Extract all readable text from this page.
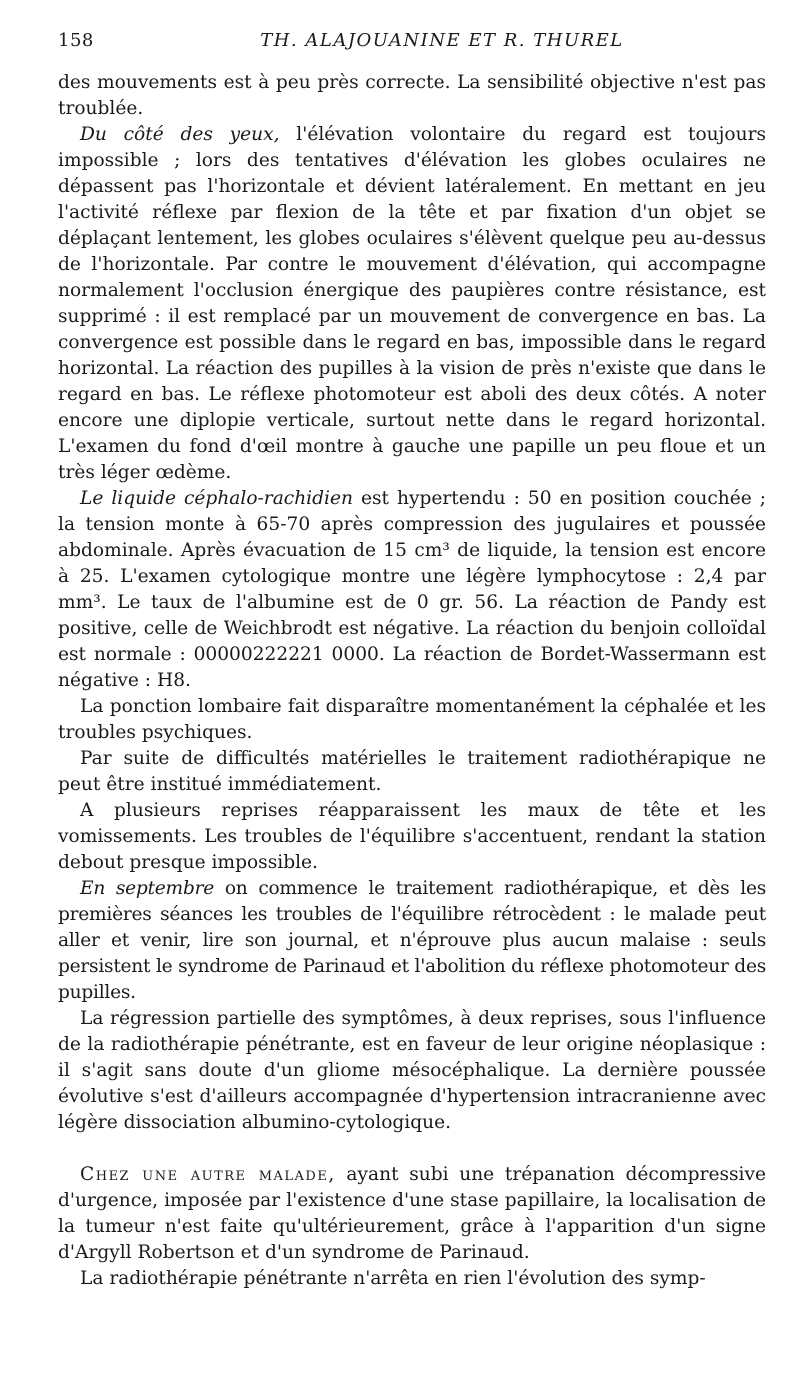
158	TH. ALAJOUANINE ET R. THUREL

des mouvements est à peu près correcte. La sensibilité objective n'est pas troublée.

Du côté des yeux, l'élévation volontaire du regard est toujours impossible ; lors des tentatives d'élévation les globes oculaires ne dépassent pas l'horizontale et dévient latéralement. En mettant en jeu l'activité réflexe par flexion de la tête et par fixation d'un objet se déplaçant lentement, les globes oculaires s'élèvent quelque peu au-dessus de l'horizontale. Par contre le mouvement d'élévation, qui accompagne normalement l'occlusion énergique des paupières contre résistance, est supprimé : il est remplacé par un mouvement de convergence en bas. La convergence est possible dans le regard en bas, impossible dans le regard horizontal. La réaction des pupilles à la vision de près n'existe que dans le regard en bas. Le réflexe photomoteur est aboli des deux côtés. A noter encore une diplopie verticale, surtout nette dans le regard horizontal. L'examen du fond d'œil montre à gauche une papille un peu floue et un très léger œdème.

Le liquide céphalo-rachidien est hypertendu : 50 en position couchée ; la tension monte à 65-70 après compression des jugulaires et poussée abdominale. Après évacuation de 15 cm³ de liquide, la tension est encore à 25. L'examen cytologique montre une légère lymphocytose : 2,4 par mm³. Le taux de l'albumine est de 0 gr. 56. La réaction de Pandy est positive, celle de Weichbrodt est négative. La réaction du benjoin colloïdal est normale : 00000222221 0000. La réaction de Bordet-Wassermann est négative : H8.

La ponction lombaire fait disparaître momentanément la céphalée et les troubles psychiques.

Par suite de difficultés matérielles le traitement radiothérapique ne peut être institué immédiatement.

A plusieurs reprises réapparaissent les maux de tête et les vomissements. Les troubles de l'équilibre s'accentuent, rendant la station debout presque impossible.

En septembre on commence le traitement radiothérapique, et dès les premières séances les troubles de l'équilibre rétrocèdent : le malade peut aller et venir, lire son journal, et n'éprouve plus aucun malaise : seuls persistent le syndrome de Parinaud et l'abolition du réflexe photomoteur des pupilles.

La régression partielle des symptômes, à deux reprises, sous l'influence de la radiothérapie pénétrante, est en faveur de leur origine néoplasique : il s'agit sans doute d'un gliome mésocéphalique. La dernière poussée évolutive s'est d'ailleurs accompagnée d'hypertension intracranienne avec légère dissociation albumino-cytologique.

Chez une autre malade, ayant subi une trépanation décompressive d'urgence, imposée par l'existence d'une stase papillaire, la localisation de la tumeur n'est faite qu'ultérieurement, grâce à l'apparition d'un signe d'Argyll Robertson et d'un syndrome de Parinaud.

La radiothérapie pénétrante n'arrêta en rien l'évolution des symp-
